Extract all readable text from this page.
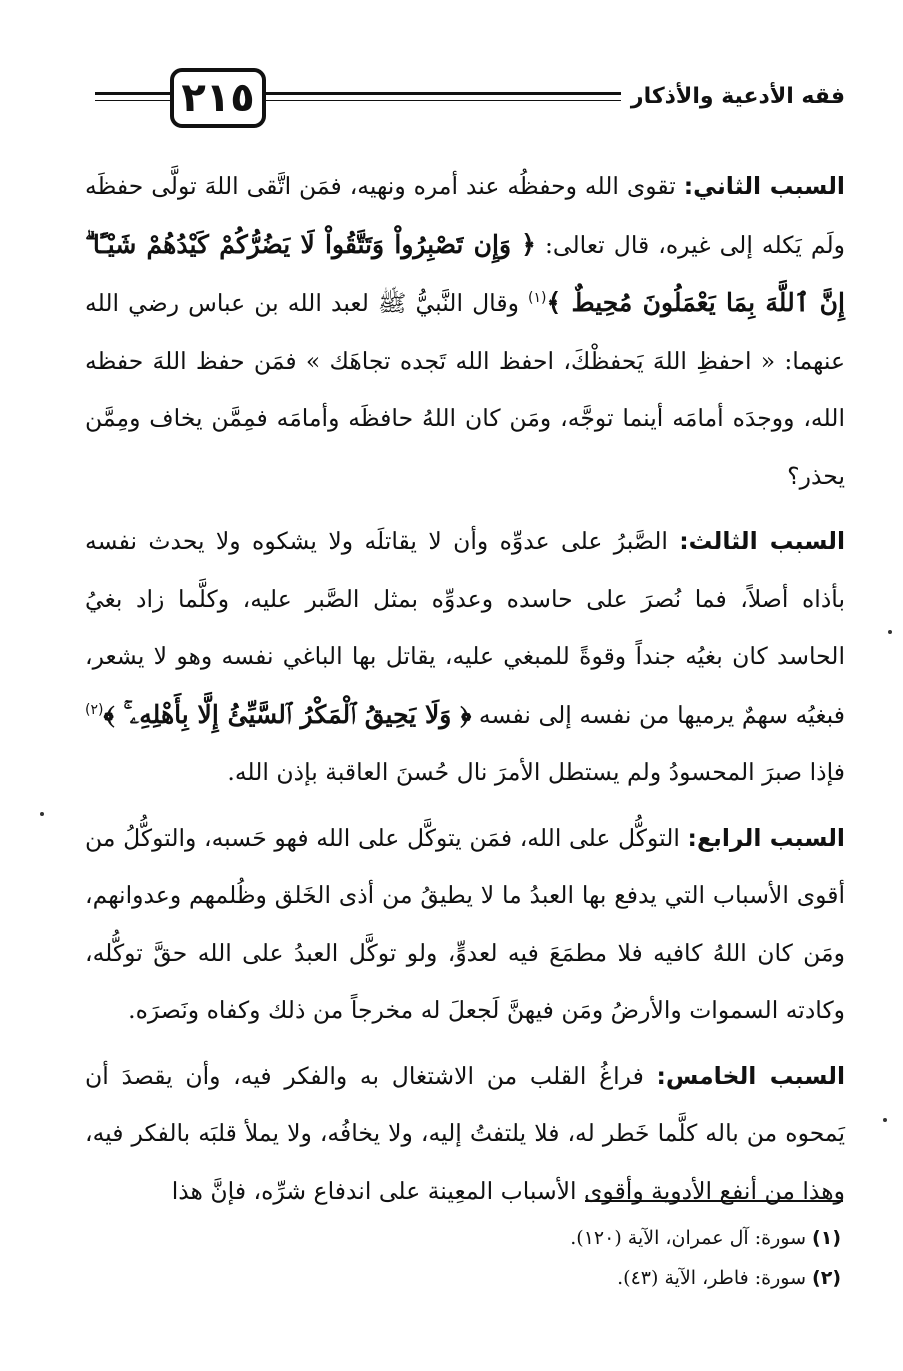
٢١٥	فقه الأدعية والأذكار

السبب الثاني: تقوى الله وحفظُه عند أمره ونهيه، فمَن اتَّقى اللهَ تولَّى حفظَه ولَم يَكله إلى غيره، قال تعالى: ﴿ وَإِن تَصْبِرُواْ وَتَتَّقُواْ لَا يَضُرُّكُمْ كَيْدُهُمْ شَيْـًٔا ۗ إِنَّ ٱللَّهَ بِمَا يَعْمَلُونَ مُحِيطٌ ﴾$^{(١)}$ وقال النَّبيُّ ﷺ لعبد الله بن عباس رضي الله عنهما: « احفظِ اللهَ يَحفظْكَ، احفظ الله تَجده تجاهَك » فمَن حفظ اللهَ حفظه الله، ووجدَه أمامَه أينما توجَّه، ومَن كان اللهُ حافظَه وأمامَه فمِمَّن يخاف ومِمَّن يحذر؟

السبب الثالث: الصَّبرُ على عدوِّه وأن لا يقاتلَه ولا يشكوه ولا يحدث نفسه بأذاه أصلاً، فما نُصرَ على حاسده وعدوِّه بمثل الصَّبر عليه، وكلَّما زاد بغيُ الحاسد كان بغيُه جنداً وقوةً للمبغي عليه، يقاتل بها الباغي نفسه وهو لا يشعر، فبغيُه سهمٌ يرميها من نفسه إلى نفسه ﴿ وَلَا يَحِيقُ ٱلْمَكْرُ ٱلسَّيِّئُ إِلَّا بِأَهْلِهِۦ ۚ ﴾$^{(٢)}$ فإذا صبرَ المحسودُ ولم يستطل الأمرَ نال حُسنَ العاقبة بإذن الله.

السبب الرابع: التوكُّل على الله، فمَن يتوكَّل على الله فهو حَسبه، والتوكُّلُ من أقوى الأسباب التي يدفع بها العبدُ ما لا يطيقُ من أذى الخَلق وظُلمهم وعدوانهم، ومَن كان اللهُ كافيه فلا مطمَعَ فيه لعدوٍّ، ولو توكَّل العبدُ على الله حقَّ توكُّله، وكادته السموات والأرضُ ومَن فيهنَّ لَجعلَ له مخرجاً من ذلك وكفاه ونَصرَه.

السبب الخامس: فراغُ القلب من الاشتغال به والفكر فيه، وأن يقصدَ أن يَمحوه من باله كلَّما خَطر له، فلا يلتفتُ إليه، ولا يخافُه، ولا يملأ قلبَه بالفكر فيه، وهذا من أنفع الأدوية وأقوى الأسباب المعِينة على اندفاع شرِّه، فإنَّ هذا

(١)سورة: آل عمران، الآية (١٢٠).

(٢)سورة: فاطر، الآية (٤٣).
